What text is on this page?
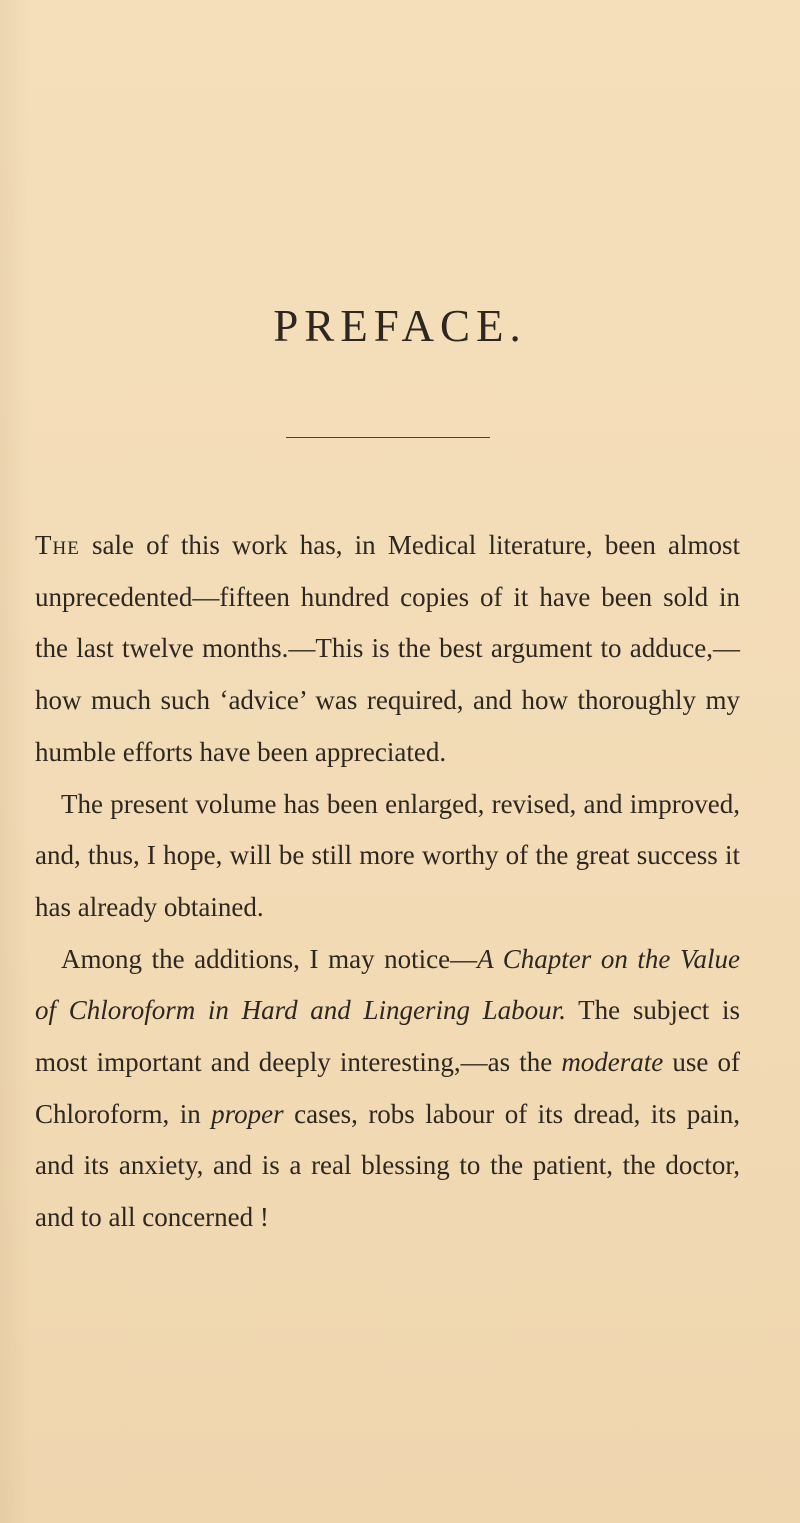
PREFACE.

The sale of this work has, in Medical literature, been almost unprecedented—fifteen hundred copies of it have been sold in the last twelve months.—This is the best argument to adduce,—how much such ‘advice’ was required, and how thoroughly my humble efforts have been appreciated.

The present volume has been enlarged, revised, and improved, and, thus, I hope, will be still more worthy of the great success it has already obtained.

Among the additions, I may notice—A Chapter on the Value of Chloroform in Hard and Lingering Labour. The subject is most important and deeply interesting,—as the moderate use of Chloroform, in proper cases, robs labour of its dread, its pain, and its anxiety, and is a real blessing to the patient, the doctor, and to all concerned !
